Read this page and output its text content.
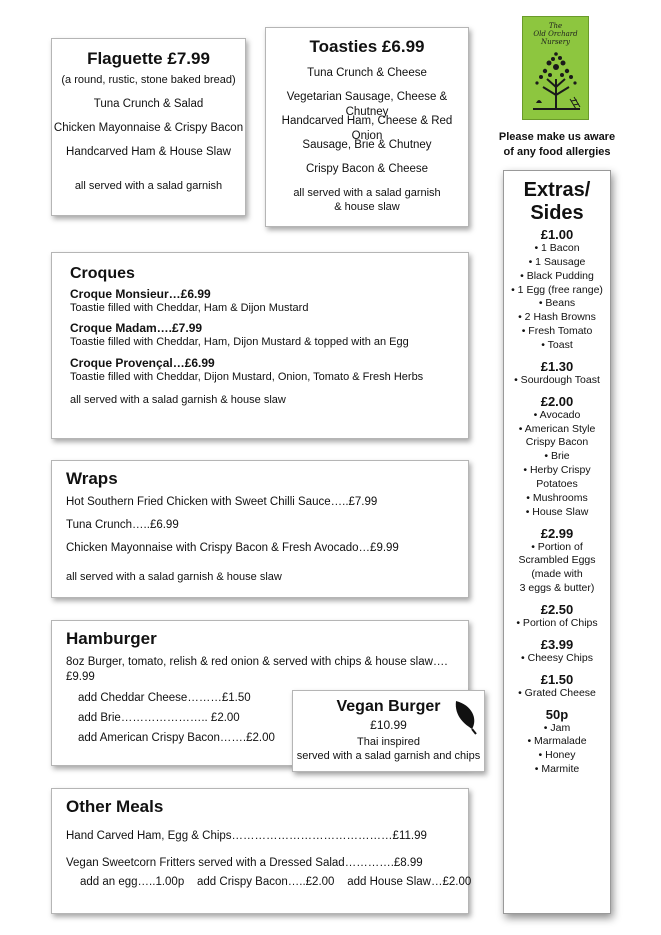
Flaguette £7.99
(a round, rustic, stone baked bread)
Tuna Crunch & Salad
Chicken Mayonnaise & Crispy Bacon
Handcarved Ham & House Slaw
all served with a salad garnish
Toasties £6.99
Tuna Crunch & Cheese
Vegetarian Sausage, Cheese & Chutney
Handcarved Ham, Cheese & Red Onion
Sausage, Brie & Chutney
Crispy Bacon & Cheese
all served with a salad garnish
& house slaw
The
Old Orchard
Nursery
Please make us aware
of any food allergies
Croques
Croque Monsieur…£6.99
Toastie filled with Cheddar, Ham & Dijon Mustard
Croque Madam….£7.99
Toastie filled with Cheddar, Ham, Dijon Mustard & topped with an Egg
Croque Provençal…£6.99
Toastie filled with Cheddar, Dijon Mustard, Onion, Tomato & Fresh Herbs
all served with a salad garnish & house slaw
Wraps
Hot Southern Fried Chicken with Sweet Chilli Sauce…..£7.99
Tuna Crunch…..£6.99
Chicken Mayonnaise with Crispy Bacon & Fresh Avocado…£9.99
all served with a salad garnish & house slaw
Hamburger
8oz Burger, tomato, relish & red onion & served with chips & house slaw….£9.99
add Cheddar Cheese………£1.50
add Brie………………….. £2.00
add American Crispy Bacon…….£2.00
Vegan Burger
£10.99
Thai inspired
served with a salad garnish and chips
Other Meals
Hand Carved Ham, Egg & Chips……………………………………£11.99
Vegan Sweetcorn Fritters served with a Dressed Salad………….£8.99
add an egg…..1.00p    add Crispy Bacon…..£2.00    add House Slaw…£2.00
Extras/
Sides
£1.00
• 1 Bacon
• 1 Sausage
• Black Pudding
• 1 Egg (free range)
• Beans
• 2 Hash Browns
• Fresh Tomato
• Toast
£1.30
• Sourdough Toast
£2.00
• Avocado
• American Style
Crispy Bacon
• Brie
• Herby Crispy
Potatoes
• Mushrooms
• House Slaw
£2.99
• Portion of
Scrambled Eggs
(made with
3 eggs & butter)
£2.50
• Portion of Chips
£3.99
• Cheesy Chips
£1.50
• Grated Cheese
50p
• Jam
• Marmalade
• Honey
• Marmite
